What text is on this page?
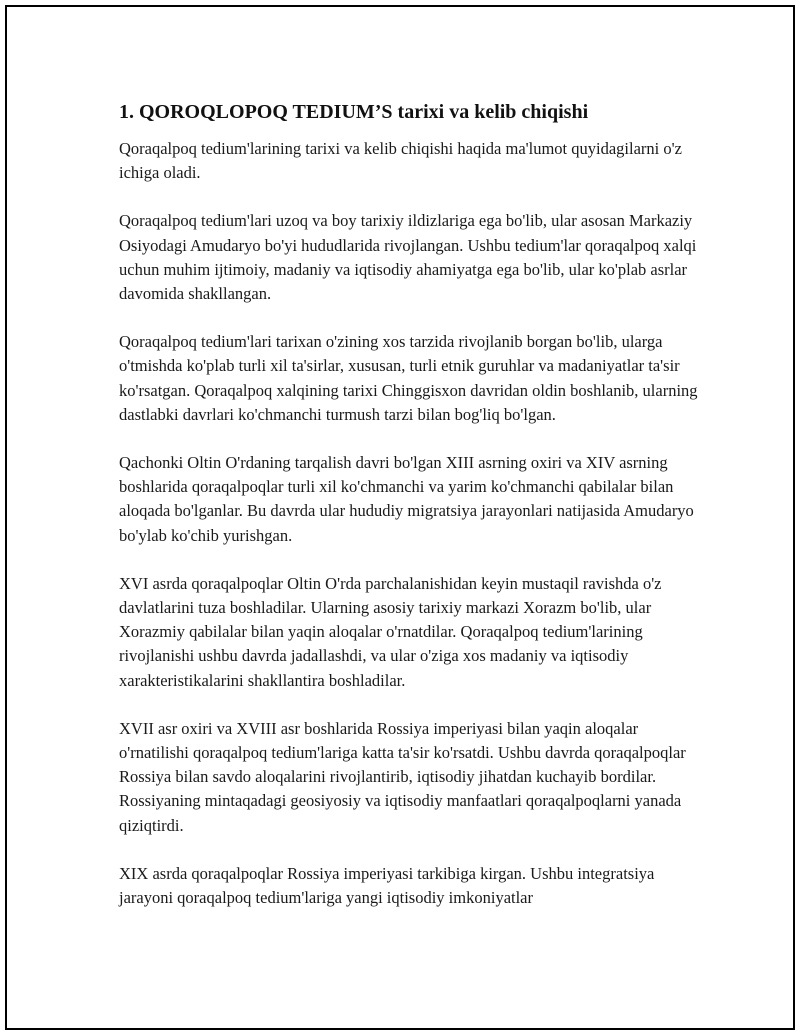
1. QOROQLOPOQ TEDIUM’S tarixi va kelib chiqishi

Qoraqalpoq tedium'larining tarixi va kelib chiqishi haqida ma'lumot quyidagilarni o'z ichiga oladi.

Qoraqalpoq tedium'lari uzoq va boy tarixiy ildizlariga ega bo'lib, ular asosan Markaziy Osiyodagi Amudaryo bo'yi hududlarida rivojlangan. Ushbu tedium'lar qoraqalpoq xalqi uchun muhim ijtimoiy, madaniy va iqtisodiy ahamiyatga ega bo'lib, ular ko'plab asrlar davomida shakllangan.

Qoraqalpoq tedium'lari tarixan o'zining xos tarzida rivojlanib borgan bo'lib, ularga o'tmishda ko'plab turli xil ta'sirlar, xususan, turli etnik guruhlar va madaniyatlar ta'sir ko'rsatgan. Qoraqalpoq xalqining tarixi Chinggisxon davridan oldin boshlanib, ularning dastlabki davrlari ko'chmanchi turmush tarzi bilan bog'liq bo'lgan.

Qachonki Oltin O'rdaning tarqalish davri bo'lgan XIII asrning oxiri va XIV asrning boshlarida qoraqalpoqlar turli xil ko'chmanchi va yarim ko'chmanchi qabilalar bilan aloqada bo'lganlar. Bu davrda ular hududiy migratsiya jarayonlari natijasida Amudaryo bo'ylab ko'chib yurishgan.

XVI asrda qoraqalpoqlar Oltin O'rda parchalanishidan keyin mustaqil ravishda o'z davlatlarini tuza boshladilar. Ularning asosiy tarixiy markazi Xorazm bo'lib, ular Xorazmiy qabilalar bilan yaqin aloqalar o'rnatdilar. Qoraqalpoq tedium'larining rivojlanishi ushbu davrda jadallashdi, va ular o'ziga xos madaniy va iqtisodiy xarakteristikalarini shakllantira boshladilar.

XVII asr oxiri va XVIII asr boshlarida Rossiya imperiyasi bilan yaqin aloqalar o'rnatilishi qoraqalpoq tedium'lariga katta ta'sir ko'rsatdi. Ushbu davrda qoraqalpoqlar Rossiya bilan savdo aloqalarini rivojlantirib, iqtisodiy jihatdan kuchayib bordilar. Rossiyaning mintaqadagi geosiyosiy va iqtisodiy manfaatlari qoraqalpoqlarni yanada qiziqtirdi.

XIX asrda qoraqalpoqlar Rossiya imperiyasi tarkibiga kirgan. Ushbu integratsiya jarayoni qoraqalpoq tedium'lariga yangi iqtisodiy imkoniyatlar
